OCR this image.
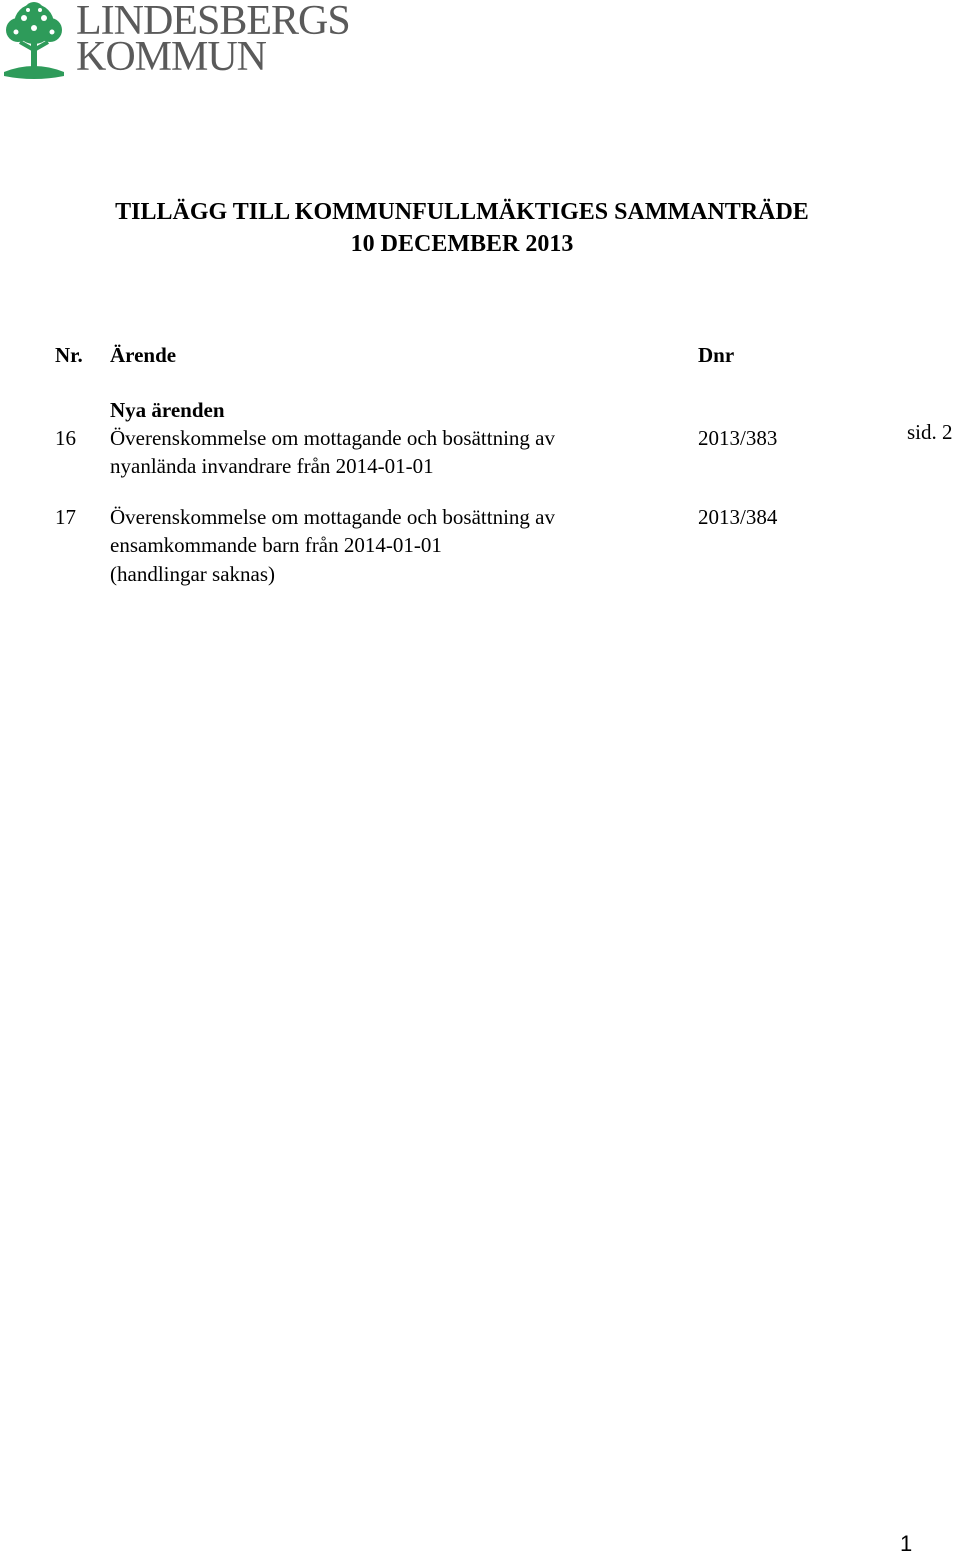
LINDESBERGS
KOMMUN
TILLÄGG TILL KOMMUNFULLMÄKTIGES SAMMANTRÄDE
10 DECEMBER 2013
Nr. Ärende	Dnr
Nya ärenden
16 Överenskommelse om mottagande och bosättning av
nyanlända invandrare från 2014-01-01
2013/383	sid. 2
17 Överenskommelse om mottagande och bosättning av
ensamkommande barn från 2014-01-01
(handlingar saknas)
2013/384
1
